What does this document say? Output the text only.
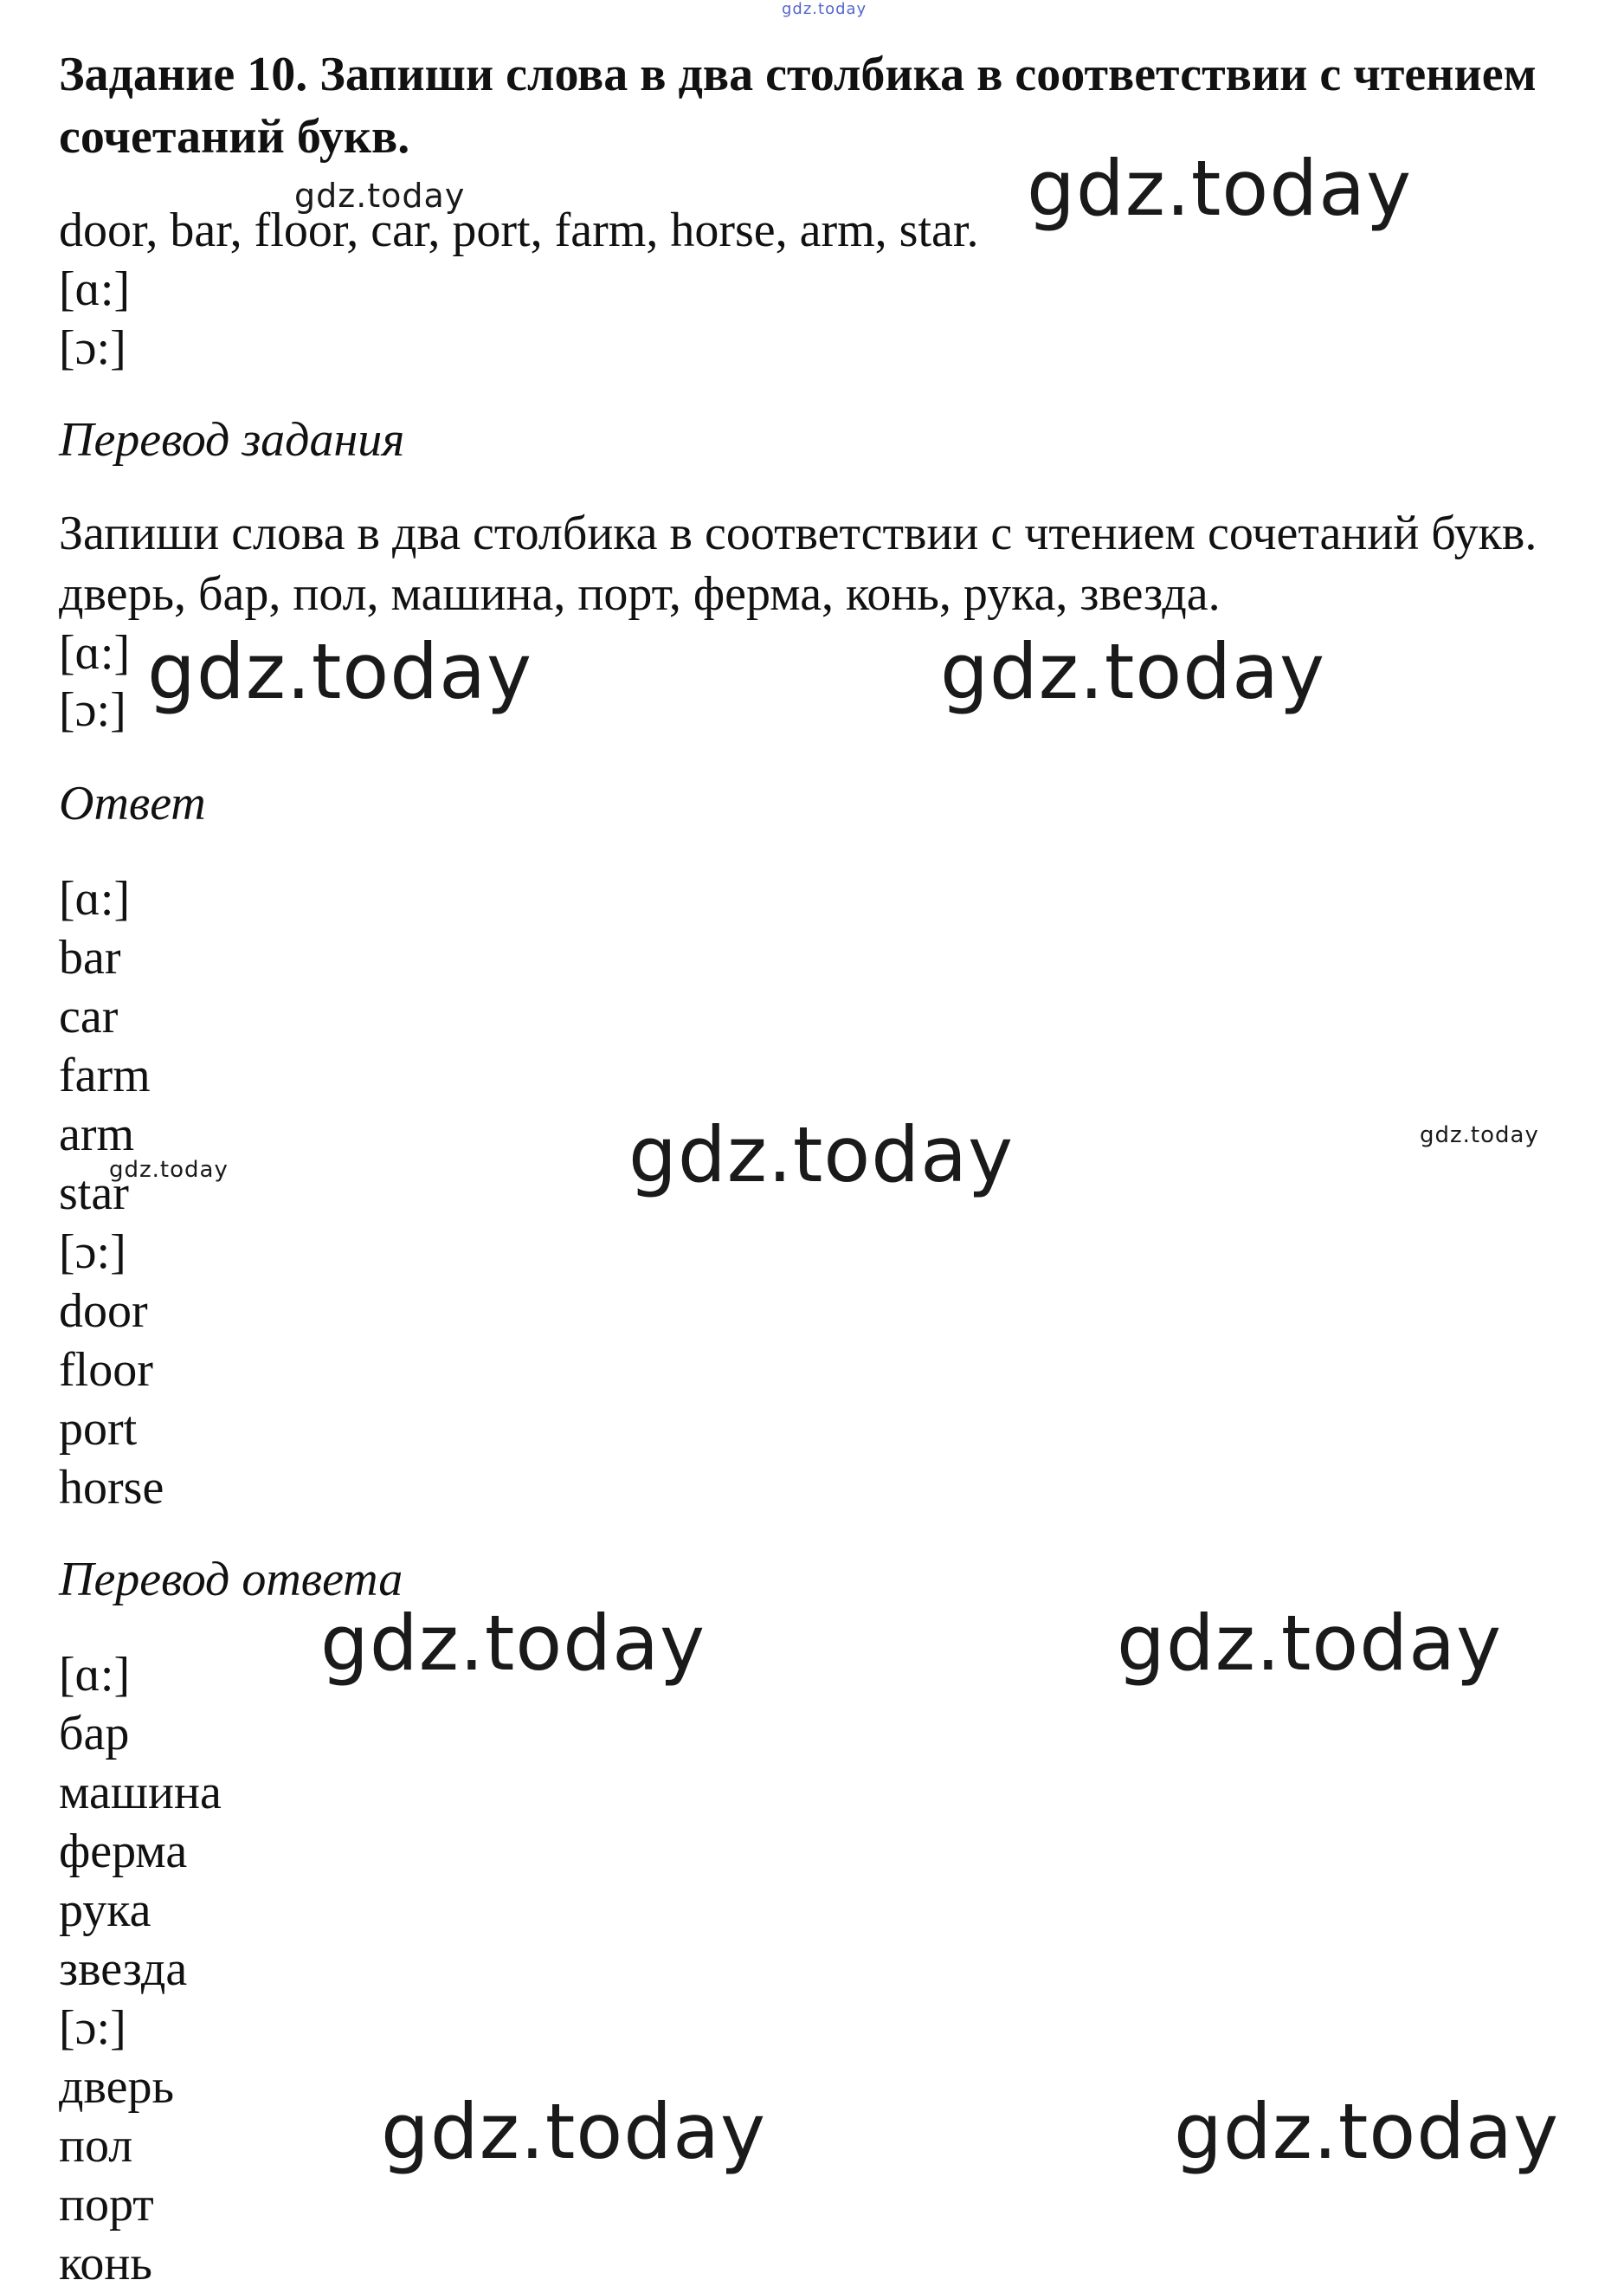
gdz.today
Задание 10. Запиши слова в два столбика в соответствии с чтением
сочетаний букв.
door, bar, floor, car, port, farm, horse, arm, star.
[ɑ:]
[ɔ:]
Перевод задания
Запиши слова в два столбика в соответствии с чтением сочетаний букв.
дверь, бар, пол, машина, порт, ферма, конь, рука, звезда.
[ɑ:]
[ɔ:]
Ответ
[ɑ:]
bar
car
farm
arm
star
[ɔ:]
door
floor
port
horse
Перевод ответа
[ɑ:]
бар
машина
ферма
рука
звезда
[ɔ:]
дверь
пол
порт
конь
gdz.today	gdz.today
gdz.today	gdz.today
gdz.today	gdz.today
gdz.today
gdz.today	gdz.today
gdz.today	gdz.today
